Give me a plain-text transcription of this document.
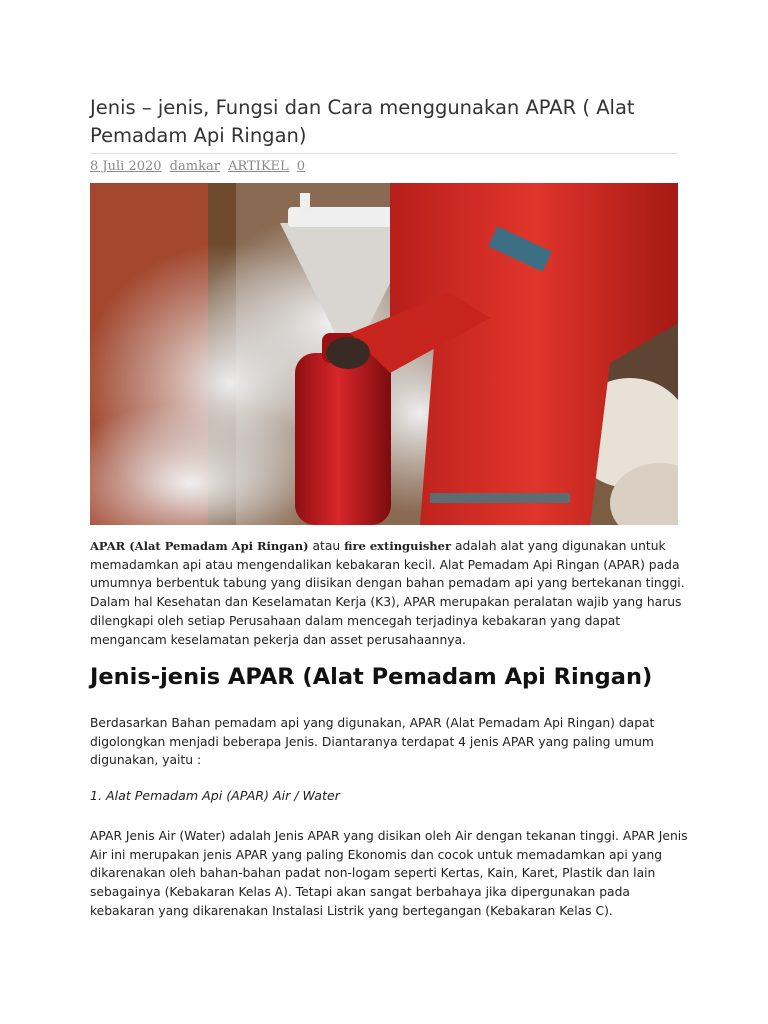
Jenis – jenis, Fungsi dan Cara menggunakan APAR ( Alat Pemadam Api Ringan)
8 Juli 2020 damkar ARTIKEL 0

APAR (Alat Pemadam Api Ringan) atau fire extinguisher adalah alat yang digunakan untuk memadamkan api atau mengendalikan kebakaran kecil. Alat Pemadam Api Ringan (APAR) pada umumnya berbentuk tabung yang diisikan dengan bahan pemadam api yang bertekanan tinggi. Dalam hal Kesehatan dan Keselamatan Kerja (K3), APAR merupakan peralatan wajib yang harus dilengkapi oleh setiap Perusahaan dalam mencegah terjadinya kebakaran yang dapat mengancam keselamatan pekerja dan asset perusahaannya.

Jenis-jenis APAR (Alat Pemadam Api Ringan)

Berdasarkan Bahan pemadam api yang digunakan, APAR (Alat Pemadam Api Ringan) dapat digolongkan menjadi beberapa Jenis. Diantaranya terdapat 4 jenis APAR yang paling umum digunakan, yaitu :

1. Alat Pemadam Api (APAR) Air / Water

APAR Jenis Air (Water) adalah Jenis APAR yang disikan oleh Air dengan tekanan tinggi. APAR Jenis Air ini merupakan jenis APAR yang paling Ekonomis dan cocok untuk memadamkan api yang dikarenakan oleh bahan-bahan padat non-logam seperti Kertas, Kain, Karet, Plastik dan lain sebagainya (Kebakaran Kelas A). Tetapi akan sangat berbahaya jika dipergunakan pada kebakaran yang dikarenakan Instalasi Listrik yang bertegangan (Kebakaran Kelas C).
